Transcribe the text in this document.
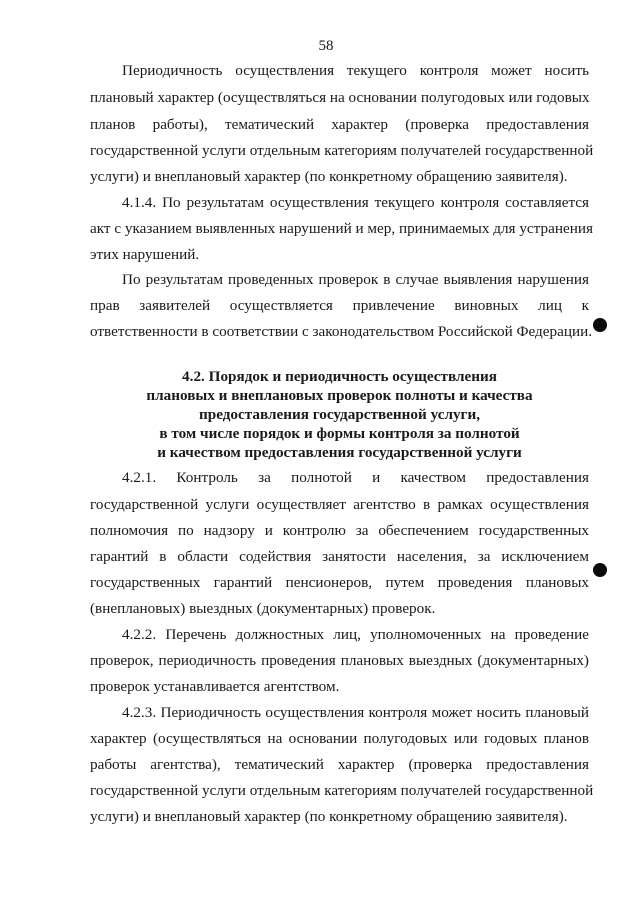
58
Периодичность осуществления текущего контроля может носить
плановый характер (осуществляться на основании полугодовых или годовых
планов работы), тематический характер (проверка предоставления
государственной услуги отдельным категориям получателей государственной
услуги) и внеплановый характер (по конкретному обращению заявителя).
4.1.4. По результатам осуществления текущего контроля составляется
акт с указанием выявленных нарушений и мер, принимаемых для устранения
этих нарушений.
По результатам проведенных проверок в случае выявления нарушения
прав заявителей осуществляется привлечение виновных лиц к
ответственности в соответствии с законодательством Российской Федерации.
4.2. Порядок и периодичность осуществления
плановых и внеплановых проверок полноты и качества
предоставления государственной услуги,
в том числе порядок и формы контроля за полнотой
и качеством предоставления государственной услуги
4.2.1. Контроль за полнотой и качеством предоставления
государственной услуги осуществляет агентство в рамках осуществления
полномочия по надзору и контролю за обеспечением государственных
гарантий в области содействия занятости населения, за исключением
государственных гарантий пенсионеров, путем проведения плановых
(внеплановых) выездных (документарных) проверок.
4.2.2. Перечень должностных лиц, уполномоченных на проведение
проверок, периодичность проведения плановых выездных (документарных)
проверок устанавливается агентством.
4.2.3. Периодичность осуществления контроля может носить плановый
характер (осуществляться на основании полугодовых или годовых планов
работы агентства), тематический характер (проверка предоставления
государственной услуги отдельным категориям получателей государственной
услуги) и внеплановый характер (по конкретному обращению заявителя).
